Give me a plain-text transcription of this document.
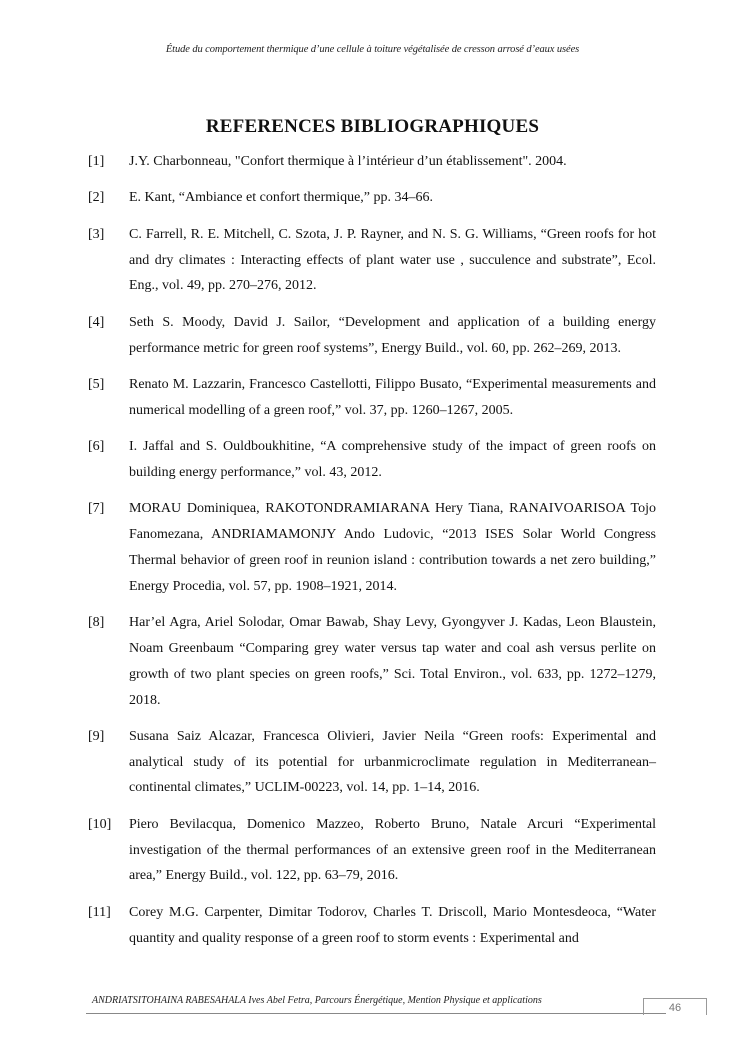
Étude du comportement thermique d’une cellule à toiture végétalisée de cresson arrosé d’eaux usées
REFERENCES BIBLIOGRAPHIQUES
[1] J.Y. Charbonneau, "Confort thermique à l’intérieur d’un établissement". 2004.
[2] E. Kant, “Ambiance et confort thermique,” pp. 34–66.
[3] C. Farrell, R. E. Mitchell, C. Szota, J. P. Rayner, and N. S. G. Williams, “Green roofs for hot and dry climates : Interacting effects of plant water use , succulence and substrate”, Ecol. Eng., vol. 49, pp. 270–276, 2012.
[4] Seth S. Moody, David J. Sailor, “Development and application of a building energy performance metric for green roof systems”, Energy Build., vol. 60, pp. 262–269, 2013.
[5] Renato M. Lazzarin, Francesco Castellotti, Filippo Busato, “Experimental measurements and numerical modelling of a green roof,” vol. 37, pp. 1260–1267, 2005.
[6] I. Jaffal and S. Ouldboukhitine, “A comprehensive study of the impact of green roofs on building energy performance,” vol. 43, 2012.
[7] MORAU Dominiquea, RAKOTONDRAMIARANA Hery Tiana, RANAIVOARISOA Tojo Fanomezana, ANDRIAMAMONJY Ando Ludovic, “2013 ISES Solar World Congress Thermal behavior of green roof in reunion island : contribution towards a net zero building,” Energy Procedia, vol. 57, pp. 1908–1921, 2014.
[8] Har’el Agra, Ariel Solodar, Omar Bawab, Shay Levy, Gyongyver J. Kadas, Leon Blaustein, Noam Greenbaum “Comparing grey water versus tap water and coal ash versus perlite on growth of two plant species on green roofs,” Sci. Total Environ., vol. 633, pp. 1272–1279, 2018.
[9] Susana Saiz Alcazar, Francesca Olivieri, Javier Neila “Green roofs: Experimental and analytical study of its potential for urbanmicroclimate regulation in Mediterranean–continental climates,” UCLIM-00223, vol. 14, pp. 1–14, 2016.
[10] Piero Bevilacqua, Domenico Mazzeo, Roberto Bruno, Natale Arcuri “Experimental investigation of the thermal performances of an extensive green roof in the Mediterranean area,” Energy Build., vol. 122, pp. 63–79, 2016.
[11] Corey M.G. Carpenter, Dimitar Todorov, Charles T. Driscoll, Mario Montesdeoca, “Water quantity and quality response of a green roof to storm events : Experimental and
ANDRIATSITOHAINA RABESAHALA Ives Abel Fetra, Parcours Énergétique, Mention Physique et applications
46
